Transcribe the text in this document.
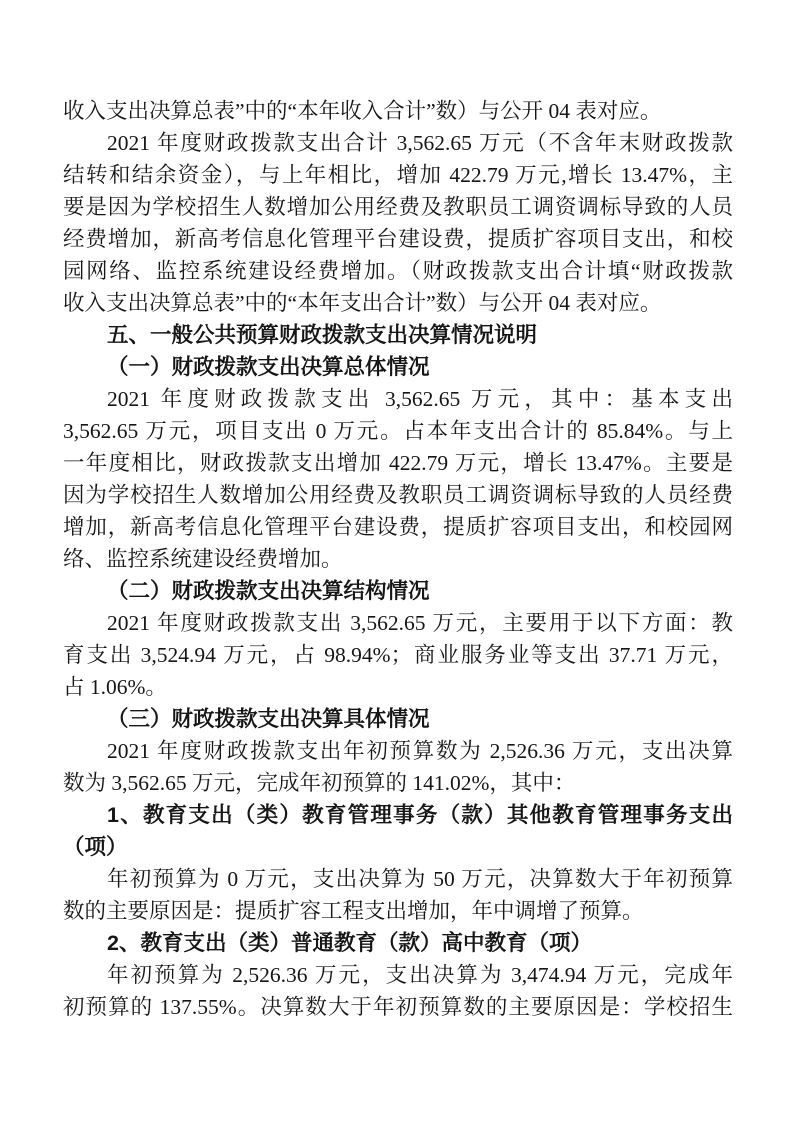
收入支出决算总表”中的“本年收入合计”数）与公开 04 表对应。
2021 年度财政拨款支出合计 3,562.65 万元（不含年末财政拨款
结转和结余资金），与上年相比，增加 422.79 万元,增长 13.47%，主
要是因为学校招生人数增加公用经费及教职员工调资调标导致的人员
经费增加，新高考信息化管理平台建设费，提质扩容项目支出，和校
园网络、监控系统建设经费增加。（财政拨款支出合计填“财政拨款
收入支出决算总表”中的“本年支出合计”数）与公开 04 表对应。
五、一般公共预算财政拨款支出决算情况说明
（一）财政拨款支出决算总体情况
2021 年度财政拨款支出 3,562.65 万元，其中：基本支出
3,562.65 万元，项目支出 0 万元。占本年支出合计的 85.84%。与上
一年度相比，财政拨款支出增加 422.79 万元，增长 13.47%。主要是
因为学校招生人数增加公用经费及教职员工调资调标导致的人员经费
增加，新高考信息化管理平台建设费，提质扩容项目支出，和校园网
络、监控系统建设经费增加。
（二）财政拨款支出决算结构情况
2021 年度财政拨款支出 3,562.65 万元，主要用于以下方面：教
育支出 3,524.94 万元，占 98.94%；商业服务业等支出 37.71 万元，
占 1.06%。
（三）财政拨款支出决算具体情况
2021 年度财政拨款支出年初预算数为 2,526.36 万元，支出决算
数为 3,562.65 万元，完成年初预算的 141.02%，其中：
1、教育支出（类）教育管理事务（款）其他教育管理事务支出
（项）
年初预算为 0 万元，支出决算为 50 万元，决算数大于年初预算
数的主要原因是：提质扩容工程支出增加，年中调增了预算。
2、教育支出（类）普通教育（款）高中教育（项）
年初预算为 2,526.36 万元，支出决算为 3,474.94 万元，完成年
初预算的 137.55%。决算数大于年初预算数的主要原因是：学校招生
